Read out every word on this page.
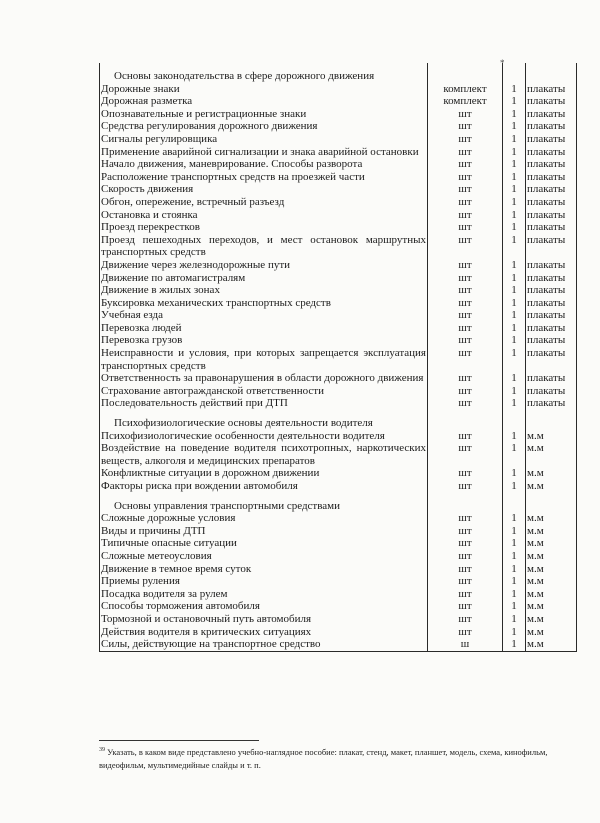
*
Основы законодательства в сфере дорожного движения			
Дорожные знаки	комплект	1	плакаты
Дорожная разметка	комплект	1	плакаты
Опознавательные и регистрационные знаки	шт	1	плакаты
Средства регулирования дорожного движения	шт	1	плакаты
Сигналы регулировщика	шт	1	плакаты
Применение аварийной сигнализации и знака аварийной остановки	шт	1	плакаты
Начало движения, маневрирование. Способы разворота	шт	1	плакаты
Расположение транспортных средств на проезжей части	шт	1	плакаты
Скорость движения	шт	1	плакаты
Обгон, опережение, встречный разъезд	шт	1	плакаты
Остановка и стоянка	шт	1	плакаты
Проезд перекрестков	шт	1	плакаты
Проезд пешеходных переходов, и мест остановок маршрутных транспортных средств	шт	1	плакаты
Движение через железнодорожные пути	шт	1	плакаты
Движение по автомагистралям	шт	1	плакаты
Движение в жилых зонах	шт	1	плакаты
Буксировка механических транспортных средств	шт	1	плакаты
Учебная езда	шт	1	плакаты
Перевозка людей	шт	1	плакаты
Перевозка грузов	шт	1	плакаты
Неисправности и условия, при которых запрещается эксплуатация транспортных средств	шт	1	плакаты
Ответственность за правонарушения в области дорожного движения	шт	1	плакаты
Страхование автогражданской ответственности	шт	1	плакаты
Последовательность действий при ДТП	шт	1	плакаты
Психофизиологические основы деятельности водителя			
Психофизиологические особенности деятельности водителя	шт	1	м.м
Воздействие на поведение водителя психотропных, наркотических веществ, алкоголя и медицинских препаратов	шт	1	м.м
Конфликтные ситуации в дорожном движении	шт	1	м.м
Факторы риска при вождении автомобиля	шт	1	м.м
Основы управления транспортными средствами			
Сложные дорожные условия	шт	1	м.м
Виды и причины ДТП	шт	1	м.м
Типичные опасные ситуации	шт	1	м.м
Сложные метеоусловия	шт	1	м.м
Движение в темное время суток	шт	1	м.м
Приемы руления	шт	1	м.м
Посадка водителя за рулем	шт	1	м.м
Способы торможения автомобиля	шт	1	м.м
Тормозной и остановочный путь автомобиля	шт	1	м.м
Действия водителя в критических ситуациях	шт	1	м.м
Силы, действующие на транспортное средство	ш	1	м.м
$^{39}$ Указать, в каком виде представлено учебно-наглядное пособие: плакат, стенд, макет, планшет, модель, схема, кинофильм, видеофильм, мультимедийные слайды и т. п.
